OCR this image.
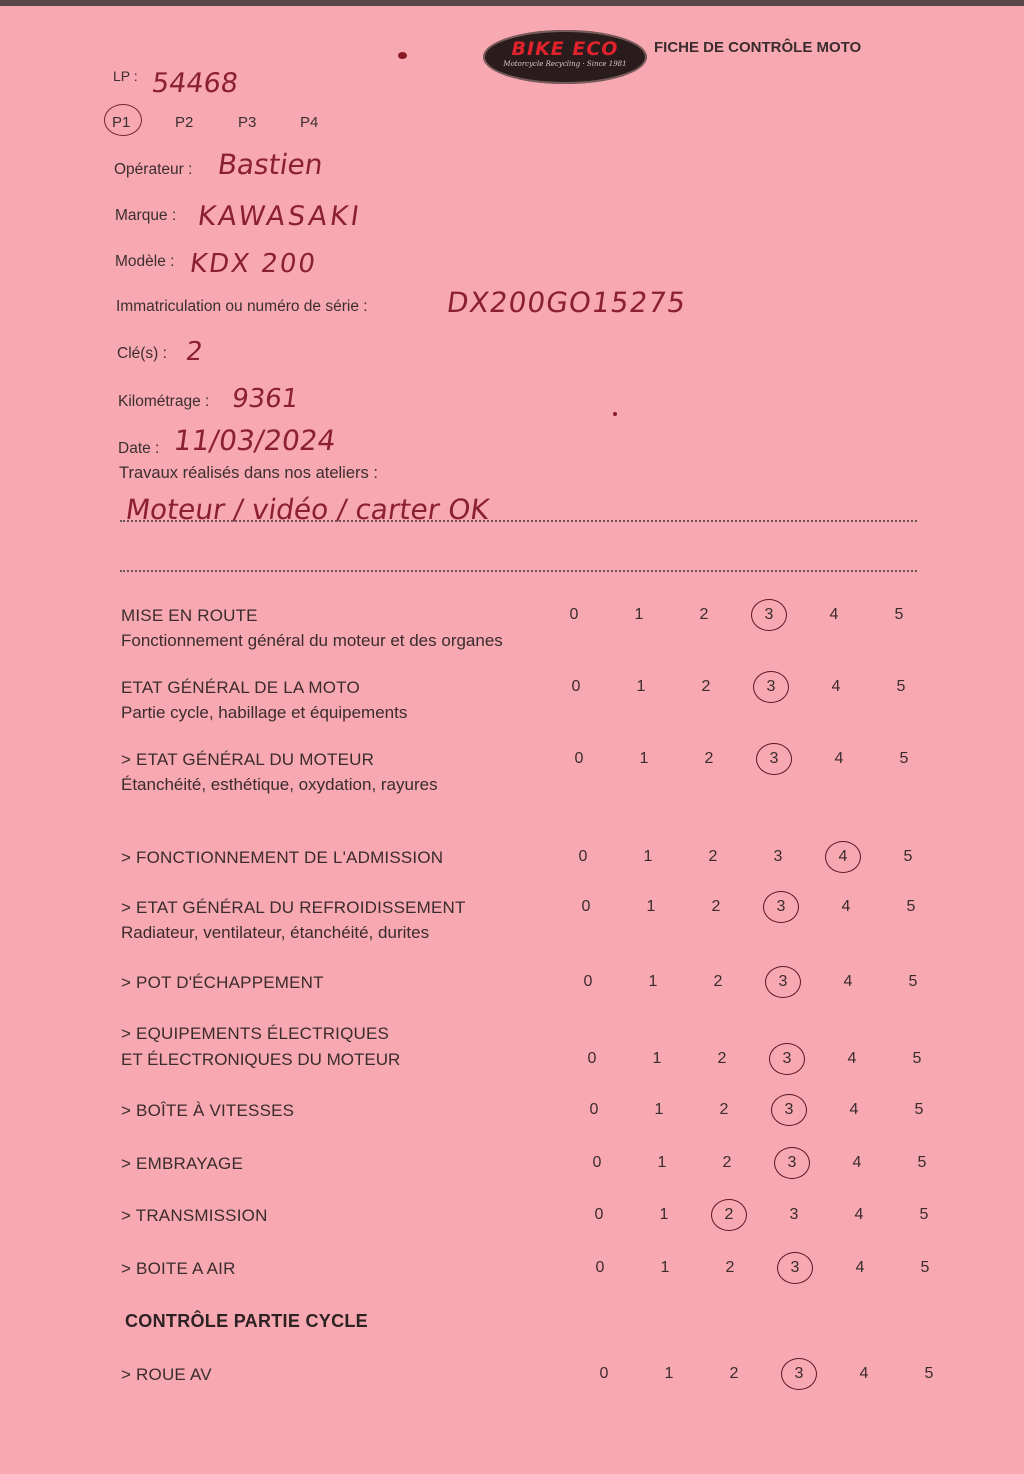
BIKE ECO
Motorcycle Recycling · Since 1981
FICHE DE CONTRÔLE MOTO
LP : 54468
P1	P2	P3	P4
Opérateur : Bastien
Marque : KAWASAKI
Modèle : KDX 200
Immatriculation ou numéro de série :	DX200GO15275
Clé(s) : 2
Kilométrage : 9361
Date : 11/03/2024
Travaux réalisés dans nos ateliers :
Moteur / vidéo / carter OK
MISE EN ROUTE
Fonctionnement général du moteur et des organes
0	1	2	3	4	5
ETAT GÉNÉRAL DE LA MOTO
Partie cycle, habillage et équipements
0	1	2	3	4	5
> ETAT GÉNÉRAL DU MOTEUR
Étanchéité, esthétique, oxydation, rayures
0	1	2	3	4	5
> FONCTIONNEMENT DE L'ADMISSION	0	1	2	3	4	5
> ETAT GÉNÉRAL DU REFROIDISSEMENT
Radiateur, ventilateur, étanchéité, durites
0	1	2	3	4	5
> POT D'ÉCHAPPEMENT	0	1	2	3	4	5
> EQUIPEMENTS ÉLECTRIQUES
ET ÉLECTRONIQUES DU MOTEUR	0	1	2	3	4	5
> BOÎTE À VITESSES	0	1	2	3	4	5
> EMBRAYAGE	0	1	2	3	4	5
> TRANSMISSION	0	1	2	3	4	5
> BOITE A AIR	0	1	2	3	4	5
> ROUE AV	0	1	2	3	4	5
CONTRÔLE PARTIE CYCLE
